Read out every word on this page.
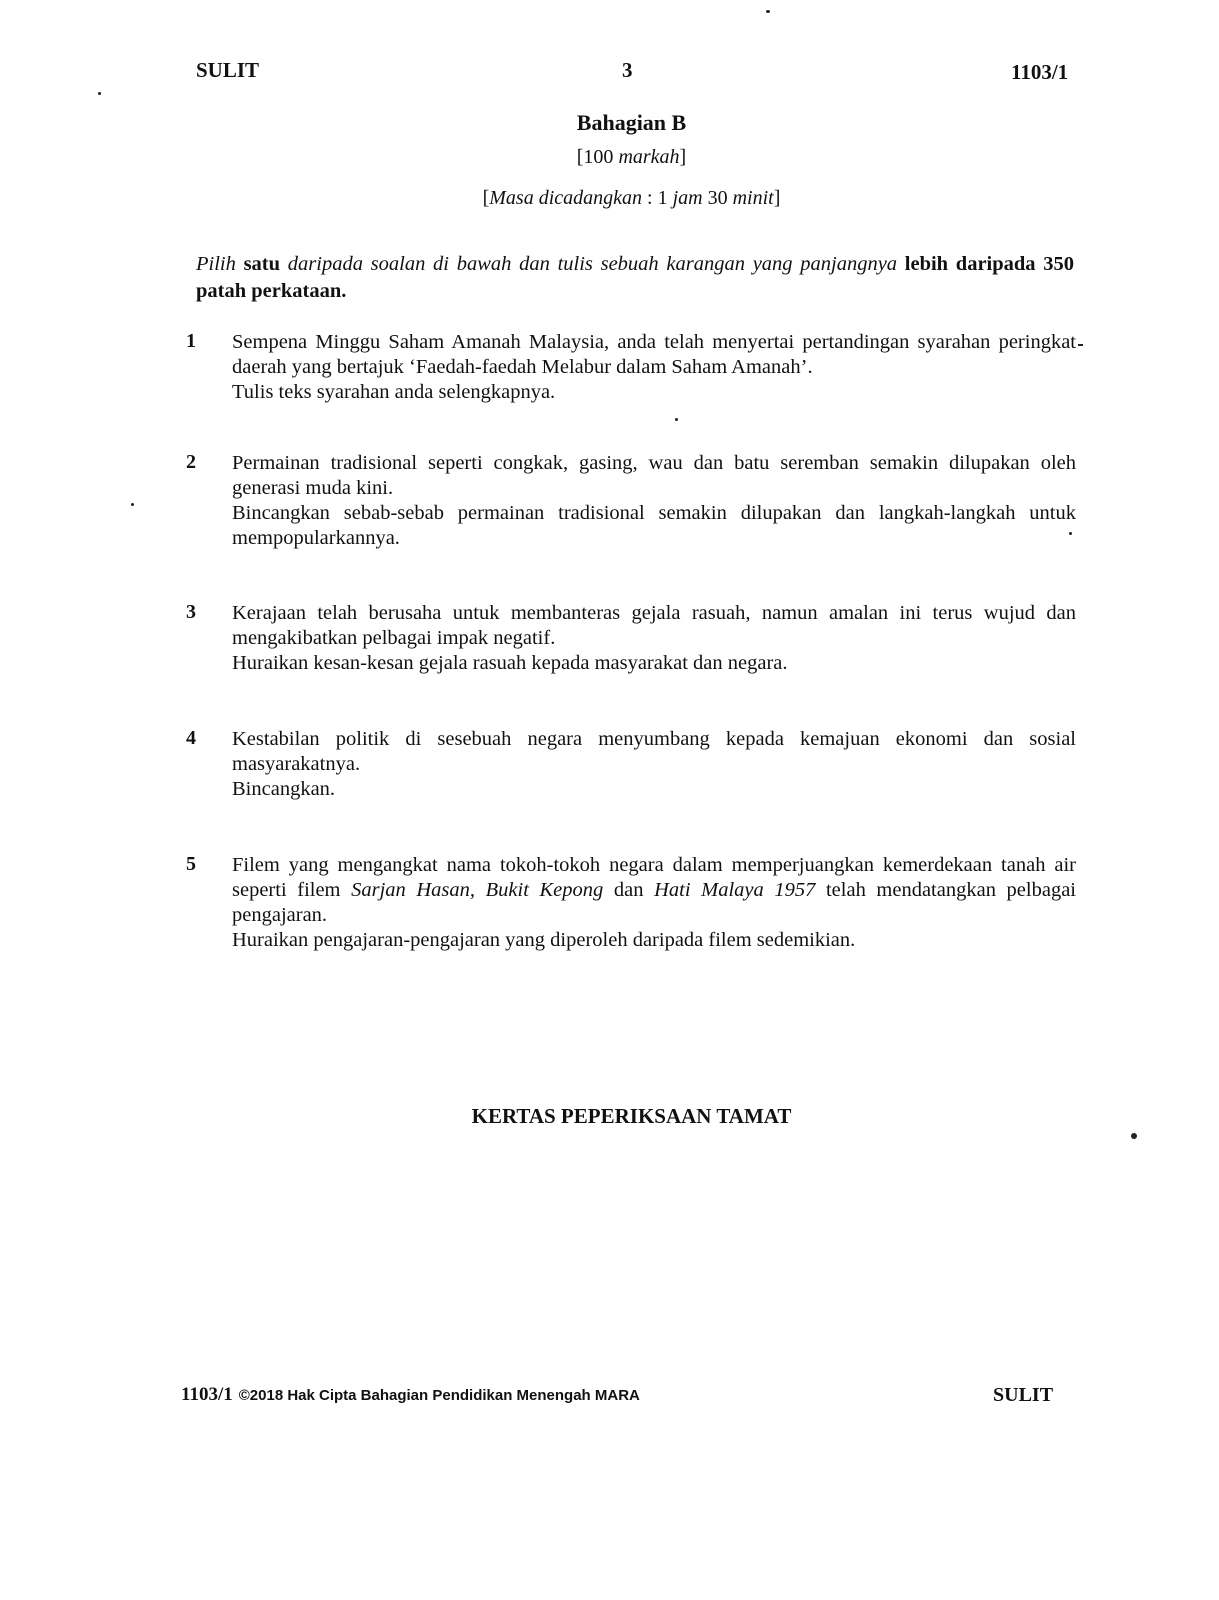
SULIT	3	1103/1
Bahagian B
[100 markah]
[Masa dicadangkan : 1 jam 30 minit]
Pilih satu daripada soalan di bawah dan tulis sebuah karangan yang panjangnya lebih daripada 350 patah perkataan.
1 Sempena Minggu Saham Amanah Malaysia, anda telah menyertai pertandingan syarahan peringkat daerah yang bertajuk ‘Faedah-faedah Melabur dalam Saham Amanah’.

Tulis teks syarahan anda selengkapnya.

2 Permainan tradisional seperti congkak, gasing, wau dan batu seremban semakin dilupakan oleh generasi muda kini.

Bincangkan sebab-sebab permainan tradisional semakin dilupakan dan langkah-langkah untuk mempopularkannya.

3 Kerajaan telah berusaha untuk membanteras gejala rasuah, namun amalan ini terus wujud dan mengakibatkan pelbagai impak negatif.

Huraikan kesan-kesan gejala rasuah kepada masyarakat dan negara.

4 Kestabilan politik di sesebuah negara menyumbang kepada kemajuan ekonomi dan sosial masyarakatnya.

Bincangkan.

5 Filem yang mengangkat nama tokoh-tokoh negara dalam memperjuangkan kemerdekaan tanah air seperti filem Sarjan Hasan, Bukit Kepong dan Hati Malaya 1957 telah mendatangkan pelbagai pengajaran.

Huraikan pengajaran-pengajaran yang diperoleh daripada filem sedemikian.

KERTAS PEPERIKSAAN TAMAT
1103/1 ©2018 Hak Cipta Bahagian Pendidikan Menengah MARA	SULIT
